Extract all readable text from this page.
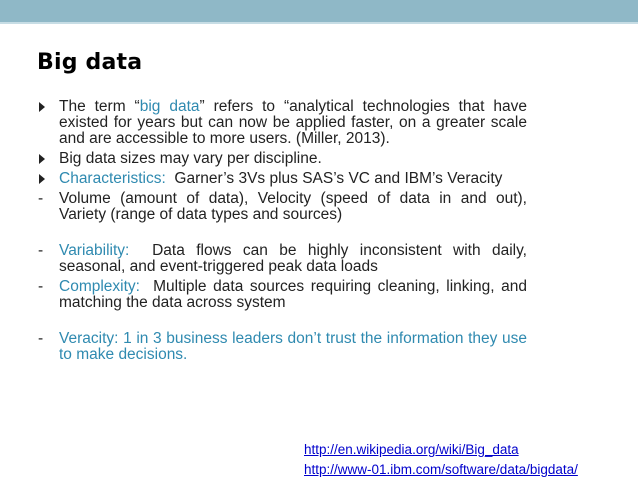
Big data
The term “big data” refers to “analytical technologies that have existed for years but can now be applied faster, on a greater scale and are accessible to more users. (Miller, 2013).
Big data sizes may vary per discipline.
Characteristics:  Garner’s 3Vs plus SAS’s VC and IBM’s Veracity
- Volume (amount of data), Velocity (speed of data in and out), Variety (range of data types and sources)
- Variability:  Data flows can be highly inconsistent with daily, seasonal, and event-triggered peak data loads
- Complexity:  Multiple data sources requiring cleaning, linking, and matching the data across system
- Veracity: 1 in 3 business leaders don’t trust the information they use to make decisions.
http://en.wikipedia.org/wiki/Big_data
http://www-01.ibm.com/software/data/bigdata/
